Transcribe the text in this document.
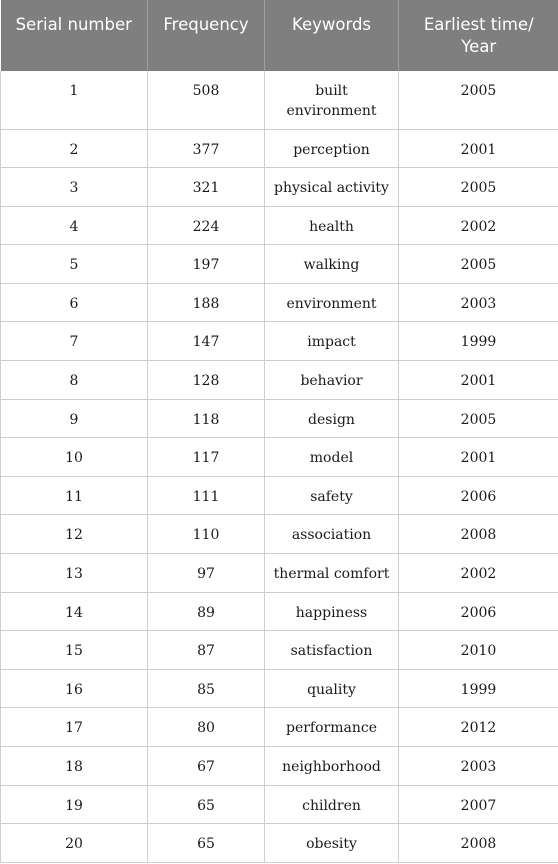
Serial number	Frequency	Keywords	Earliest time/ Year
1	508	built environment	2005
2	377	perception	2001
3	321	physical activity	2005
4	224	health	2002
5	197	walking	2005
6	188	environment	2003
7	147	impact	1999
8	128	behavior	2001
9	118	design	2005
10	117	model	2001
11	111	safety	2006
12	110	association	2008
13	97	thermal comfort	2002
14	89	happiness	2006
15	87	satisfaction	2010
16	85	quality	1999
17	80	performance	2012
18	67	neighborhood	2003
19	65	children	2007
20	65	obesity	2008
